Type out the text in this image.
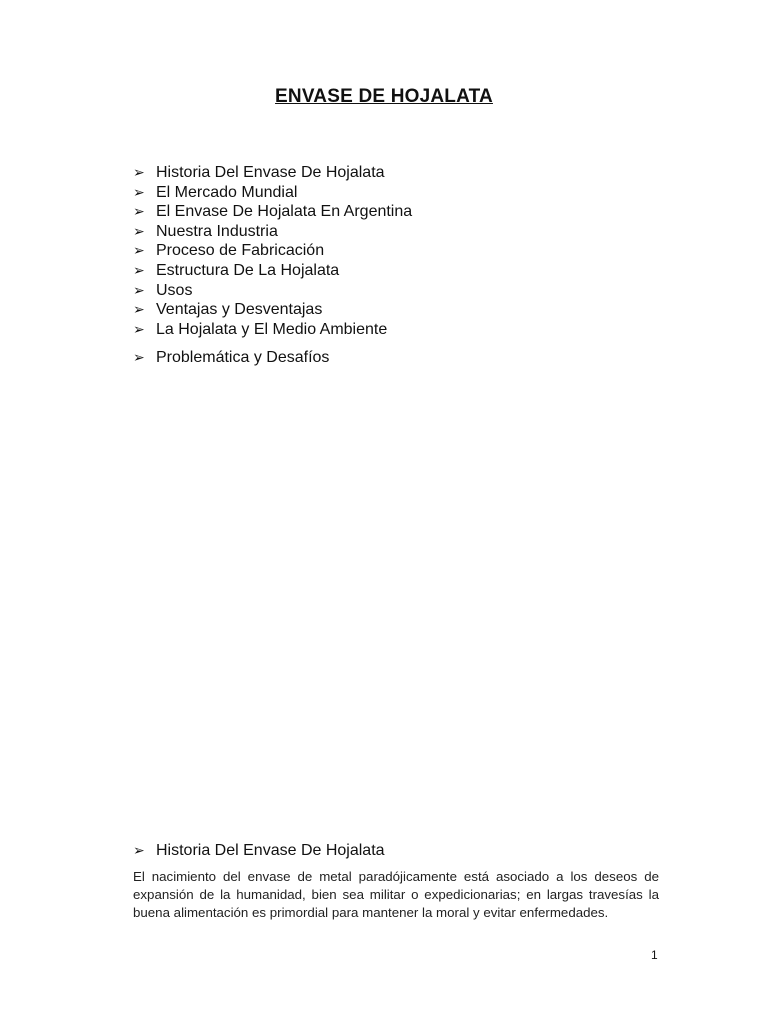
ENVASE DE HOJALATA
➢ Historia Del Envase De Hojalata
➢ El Mercado Mundial
➢ El Envase De Hojalata En Argentina
➢ Nuestra Industria
➢ Proceso de Fabricación
➢ Estructura De La Hojalata
➢ Usos
➢ Ventajas y Desventajas
➢ La Hojalata y El Medio Ambiente
➢ Problemática y Desafíos
➢ Historia Del Envase De Hojalata

El nacimiento del envase de metal paradójicamente está asociado a los deseos de expansión de la humanidad, bien sea militar o expedicionarias; en largas travesías la buena alimentación es primordial para mantener la moral y evitar enfermedades.

1
